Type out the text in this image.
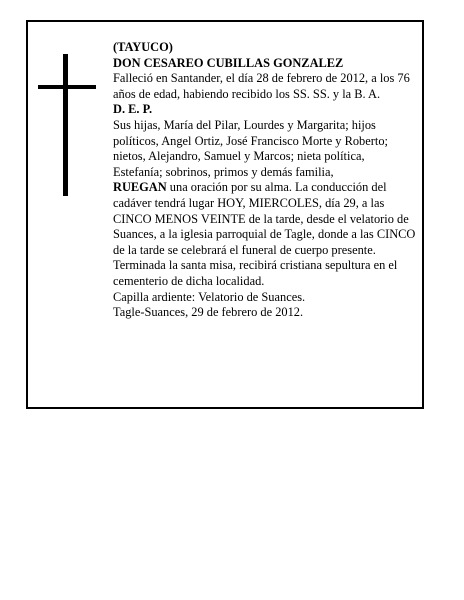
(TAYUCO)

DON CESAREO CUBILLAS GONZALEZ

Falleció en Santander, el día 28 de febrero de 2012, a los 76 años de edad, habiendo recibido los SS. SS. y la B. A.

D. E. P.

Sus hijas, María del Pilar, Lourdes y Margarita; hijos políticos, Angel Ortiz, José Francisco Morte y Roberto; nietos, Alejandro, Samuel y Marcos; nieta política, Estefanía; sobrinos, primos y demás familia,

RUEGAN una oración por su alma. La conducción del cadáver tendrá lugar HOY, MIERCOLES, día 29, a las CINCO MENOS VEINTE de la tarde, desde el velatorio de Suances, a la iglesia parroquial de Tagle, donde a las CINCO de la tarde se celebrará el funeral de cuerpo presente. Terminada la santa misa, recibirá cristiana sepultura en el cementerio de dicha localidad.

Capilla ardiente: Velatorio de Suances.

Tagle-Suances, 29 de febrero de 2012.
